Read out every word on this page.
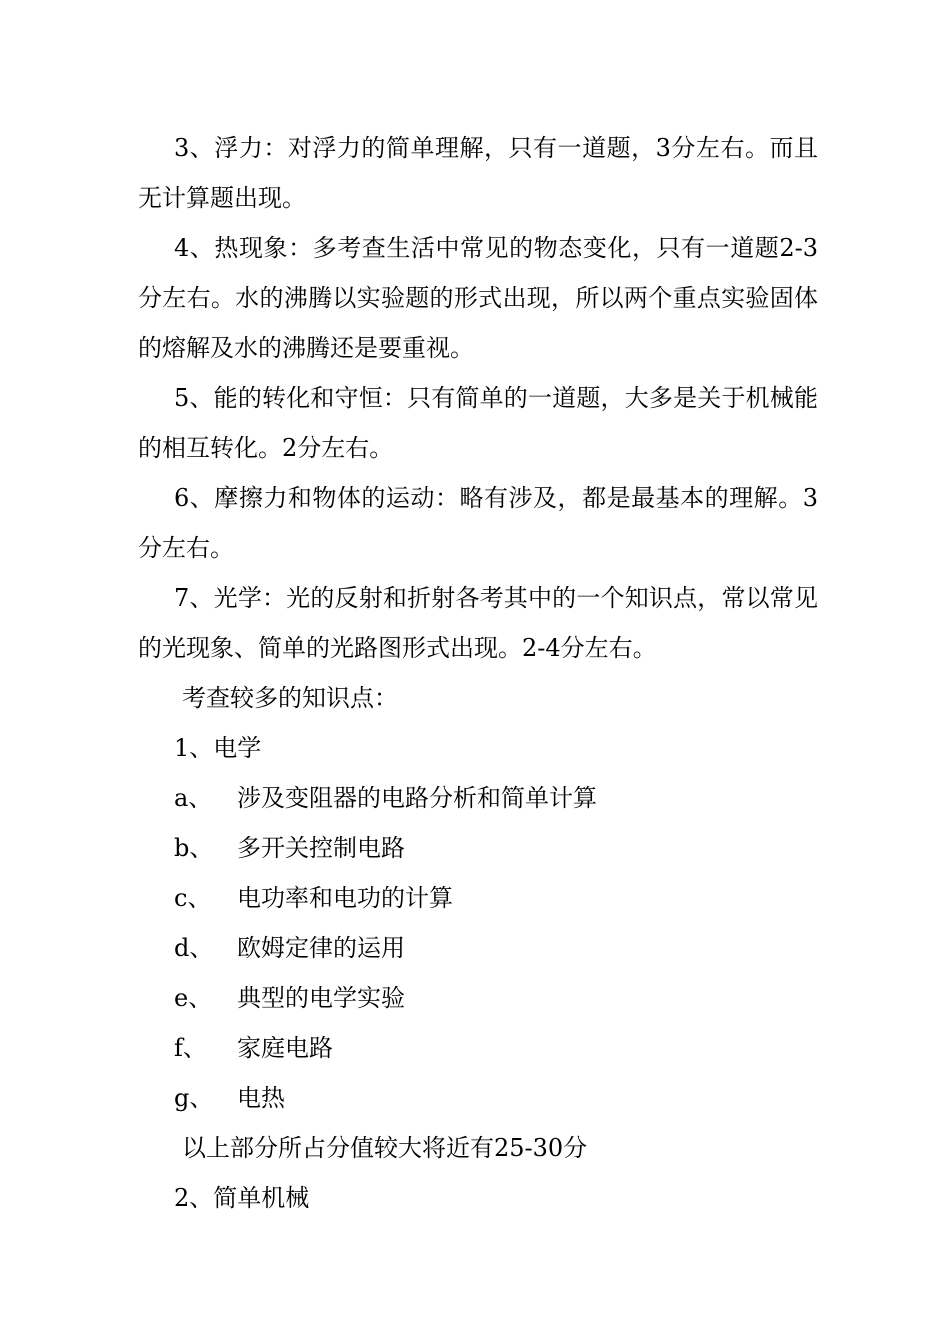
3、浮力：对浮力的简单理解，只有一道题，3分左右。而且无计算题出现。

4、热现象：多考查生活中常见的物态变化，只有一道题2-3分左右。水的沸腾以实验题的形式出现，所以两个重点实验固体的熔解及水的沸腾还是要重视。

5、能的转化和守恒：只有简单的一道题，大多是关于机械能的相互转化。2分左右。

6、摩擦力和物体的运动：略有涉及，都是最基本的理解。3分左右。

7、光学：光的反射和折射各考其中的一个知识点，常以常见的光现象、简单的光路图形式出现。2-4分左右。

考查较多的知识点：

1、电学

a、 涉及变阻器的电路分析和简单计算

b、 多开关控制电路

c、 电功率和电功的计算

d、 欧姆定律的运用

e、 典型的电学实验

f、 家庭电路

g、 电热

以上部分所占分值较大将近有25-30分

2、简单机械
